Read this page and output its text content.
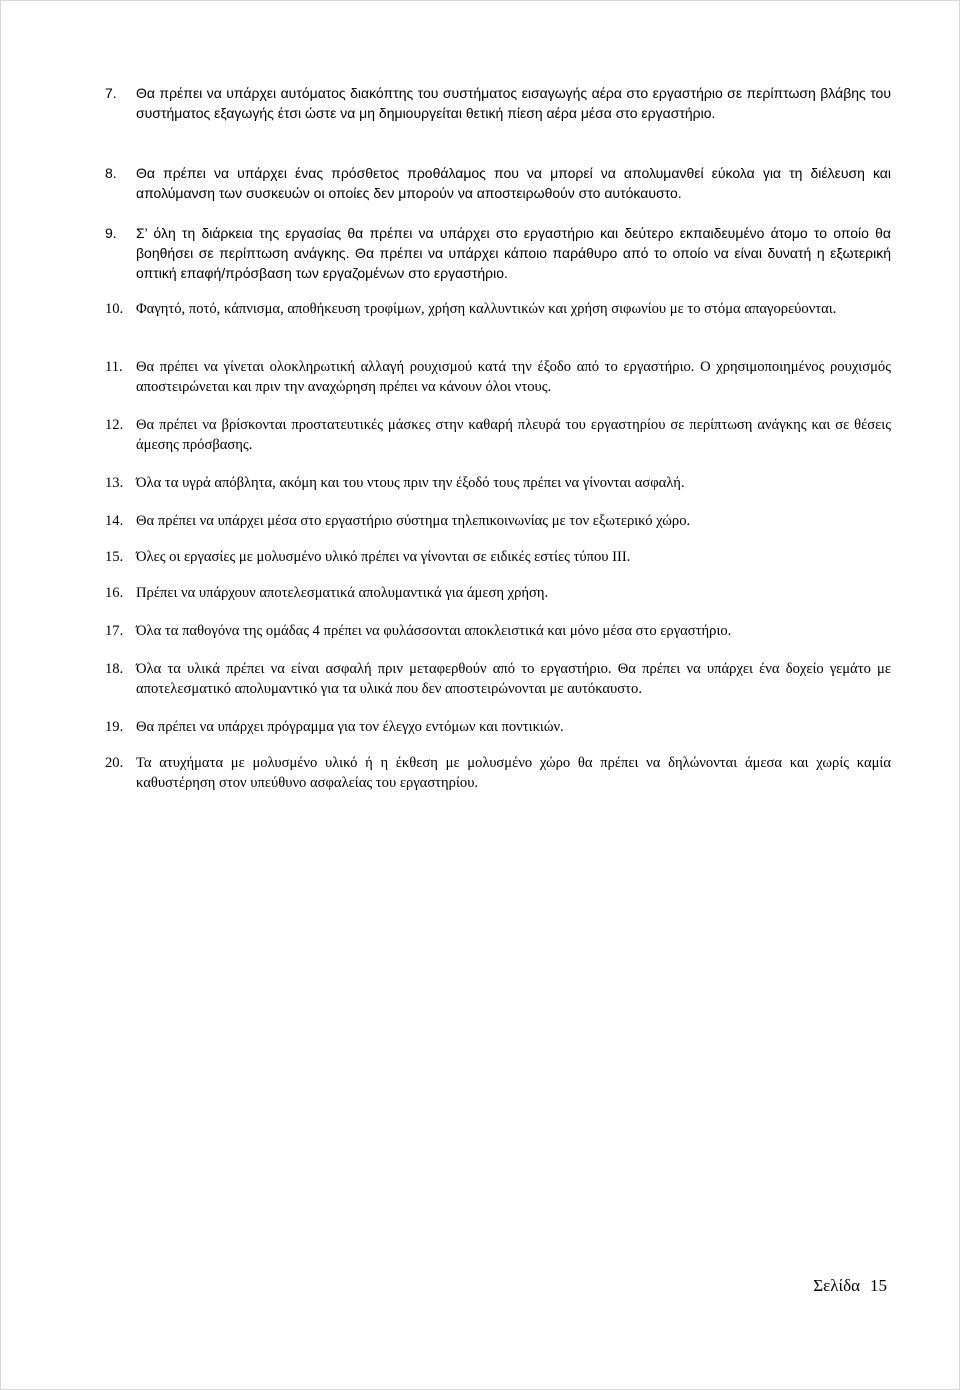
7.	Θα πρέπει να υπάρχει αυτόματος διακόπτης του συστήματος εισαγωγής αέρα στο εργαστήριο σε περίπτωση βλάβης του συστήματος εξαγωγής έτσι ώστε να μη δημιουργείται θετική πίεση αέρα μέσα στο εργαστήριο.
8.	Θα πρέπει να υπάρχει ένας πρόσθετος προθάλαμος που να μπορεί να απολυμανθεί εύκολα για τη διέλευση και απολύμανση των συσκευών οι οποίες δεν μπορούν να αποστειρωθούν στο αυτόκαυστο.
9.	Σ’ όλη τη διάρκεια της εργασίας θα πρέπει να υπάρχει στο εργαστήριο και δεύτερο εκπαιδευμένο άτομο το οποίο θα βοηθήσει σε περίπτωση ανάγκης. Θα πρέπει να υπάρχει κάποιο παράθυρο από το οποίο να είναι δυνατή η εξωτερική οπτική επαφή/πρόσβαση των εργαζομένων στο εργαστήριο.
10. Φαγητό, ποτό, κάπνισμα, αποθήκευση τροφίμων, χρήση καλλυντικών και χρήση σιφωνίου με το στόμα απαγορεύονται.
11. Θα πρέπει να γίνεται ολοκληρωτική αλλαγή ρουχισμού κατά την έξοδο από το εργαστήριο. Ο χρησιμοποιημένος ρουχισμός αποστειρώνεται και πριν την αναχώρηση πρέπει να κάνουν όλοι ντους.
12. Θα πρέπει να βρίσκονται προστατευτικές μάσκες στην καθαρή πλευρά του εργαστηρίου σε περίπτωση ανάγκης και σε θέσεις άμεσης πρόσβασης.
13. Όλα τα υγρά απόβλητα, ακόμη και του ντους πριν την έξοδό τους πρέπει να γίνονται ασφαλή.
14. Θα πρέπει να υπάρχει μέσα στο εργαστήριο σύστημα τηλεπικοινωνίας με τον εξωτερικό χώρο.
15. Όλες οι εργασίες με μολυσμένο υλικό πρέπει να γίνονται σε ειδικές εστίες τύπου ΙΙΙ.
16. Πρέπει να υπάρχουν αποτελεσματικά απολυμαντικά για άμεση χρήση.
17. Όλα τα παθογόνα της ομάδας 4 πρέπει να φυλάσσονται αποκλειστικά και μόνο μέσα στο εργαστήριο.
18. Όλα τα υλικά πρέπει να είναι ασφαλή πριν μεταφερθούν από το εργαστήριο. Θα πρέπει να υπάρχει ένα δοχείο γεμάτο με αποτελεσματικό απολυμαντικό για τα υλικά που δεν αποστειρώνονται με αυτόκαυστο.
19. Θα πρέπει να υπάρχει πρόγραμμα για τον έλεγχο εντόμων και ποντικιών.
20. Τα ατυχήματα με μολυσμένο υλικό ή η έκθεση με μολυσμένο χώρο θα πρέπει να δηλώνονται άμεσα και χωρίς καμία καθυστέρηση στον υπεύθυνο ασφαλείας του εργαστηρίου.
Σελίδα 15
